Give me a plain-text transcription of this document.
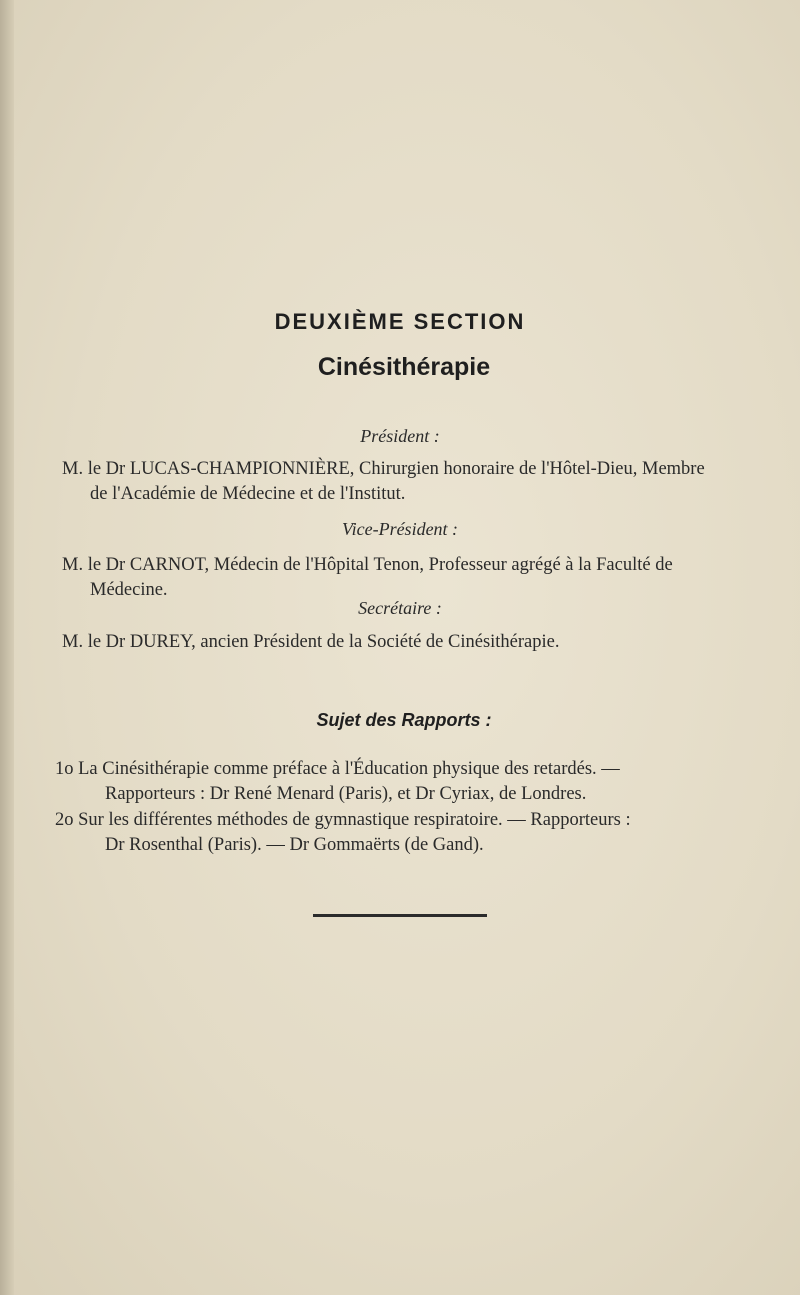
DEUXIÈME SECTION
Cinésithérapie
Président :
M. le Dr LUCAS-CHAMPIONNIÈRE, Chirurgien honoraire de l'Hôtel-Dieu, Membre
de l'Académie de Médecine et de l'Institut.
Vice-Président :
M. le Dr CARNOT, Médecin de l'Hôpital Tenon, Professeur agrégé à la Faculté de
Médecine.
Secrétaire :
M. le Dr DUREY, ancien Président de la Société de Cinésithérapie.
Sujet des Rapports :
1o La Cinésithérapie comme préface à l'Éducation physique des retardés. —
Rapporteurs : Dr René Menard (Paris), et Dr Cyriax, de Londres.
2o Sur les différentes méthodes de gymnastique respiratoire. — Rapporteurs :
Dr Rosenthal (Paris). — Dr Gommaërts (de Gand).
